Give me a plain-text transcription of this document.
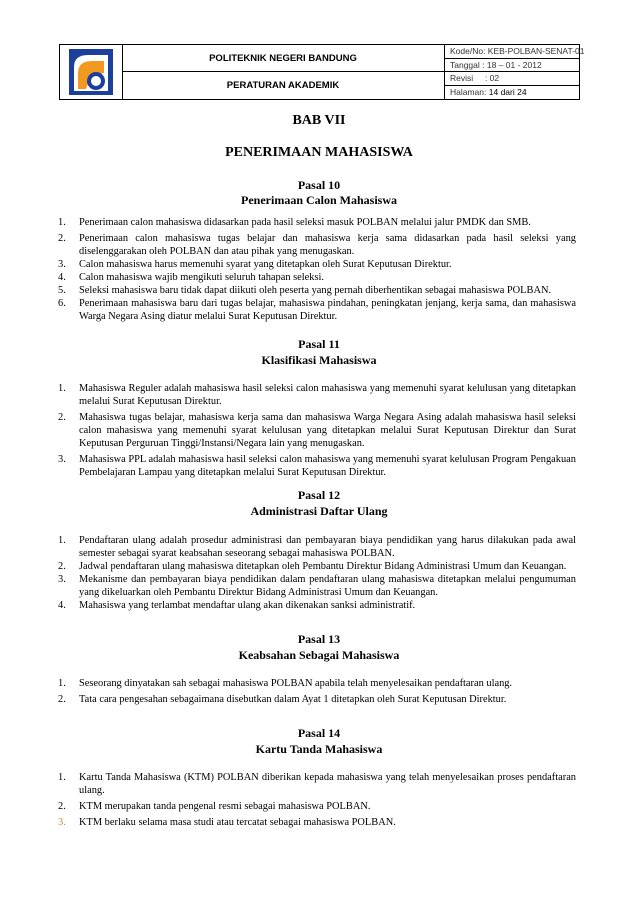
POLITEKNIK NEGERI BANDUNG
PERATURAN AKADEMIK
Kode/No: KEB-POLBAN-SENAT-01
Tanggal : 18 – 01 - 2012
Revisi     : 02
Halaman: 14 dari 24
BAB VII
PENERIMAAN MAHASISWA
Pasal 10
Penerimaan Calon Mahasiswa
1. Penerimaan calon mahasiswa didasarkan pada hasil seleksi masuk POLBAN melalui jalur PMDK dan SMB.
2. Penerimaan calon mahasiswa tugas belajar dan mahasiswa kerja sama didasarkan pada hasil seleksi yang diselenggarakan oleh POLBAN dan atau pihak yang menugaskan.
3. Calon mahasiswa harus memenuhi syarat yang ditetapkan oleh Surat Keputusan Direktur.
4. Calon mahasiswa wajib mengikuti seluruh tahapan seleksi.
5. Seleksi mahasiswa baru tidak dapat diikuti oleh peserta yang pernah diberhentikan sebagai mahasiswa POLBAN.
6. Penerimaan mahasiswa baru dari tugas belajar, mahasiswa pindahan, peningkatan jenjang, kerja sama, dan mahasiswa Warga Negara Asing diatur melalui Surat Keputusan Direktur.
Pasal 11
Klasifikasi Mahasiswa
1. Mahasiswa Reguler adalah mahasiswa hasil seleksi calon mahasiswa yang memenuhi syarat kelulusan yang ditetapkan melalui Surat Keputusan Direktur.
2. Mahasiswa tugas belajar, mahasiswa kerja sama dan mahasiswa Warga Negara Asing adalah mahasiswa hasil seleksi calon mahasiswa yang memenuhi syarat kelulusan yang ditetapkan melalui Surat Keputusan Direktur dan Surat Keputusan Perguruan Tinggi/Instansi/Negara lain yang menugaskan.
3. Mahasiswa PPL adalah mahasiswa hasil seleksi calon mahasiswa yang memenuhi syarat kelulusan Program Pengakuan Pembelajaran Lampau yang ditetapkan melalui Surat Keputusan Direktur.
Pasal 12
Administrasi Daftar Ulang
1. Pendaftaran ulang adalah prosedur administrasi dan pembayaran biaya pendidikan yang harus dilakukan pada awal semester sebagai syarat keabsahan seseorang sebagai mahasiswa POLBAN.
2. Jadwal pendaftaran ulang mahasiswa ditetapkan oleh Pembantu Direktur Bidang Administrasi Umum dan Keuangan.
3. Mekanisme dan pembayaran biaya pendidikan dalam pendaftaran ulang mahasiswa ditetapkan melalui pengumuman yang dikeluarkan oleh Pembantu Direktur Bidang Administrasi Umum dan Keuangan.
4. Mahasiswa yang terlambat mendaftar ulang akan dikenakan sanksi administratif.
Pasal 13
Keabsahan Sebagai Mahasiswa
1. Seseorang dinyatakan sah sebagai mahasiswa POLBAN apabila telah menyelesaikan pendaftaran ulang.
2. Tata cara pengesahan sebagaimana disebutkan dalam Ayat 1 ditetapkan oleh Surat Keputusan Direktur.
Pasal 14
Kartu Tanda Mahasiswa
1. Kartu Tanda Mahasiswa (KTM) POLBAN diberikan kepada mahasiswa yang telah menyelesaikan proses pendaftaran ulang.
2. KTM merupakan tanda pengenal resmi sebagai mahasiswa POLBAN.
3. KTM berlaku selama masa studi atau tercatat sebagai mahasiswa POLBAN.
